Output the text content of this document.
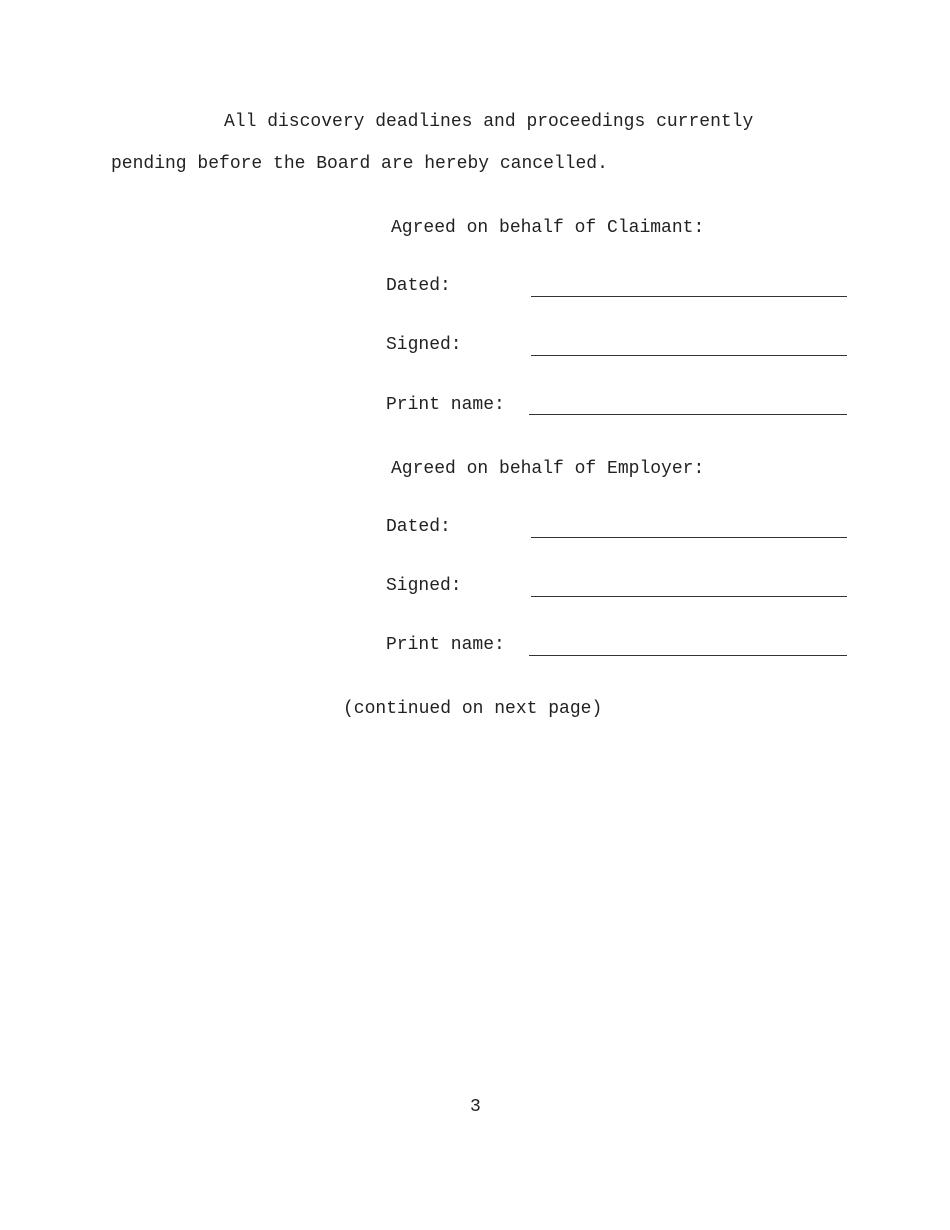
All discovery deadlines and proceedings currently
pending before the Board are hereby cancelled.
Agreed on behalf of Claimant:
Dated:
Signed:
Print name:
Agreed on behalf of Employer:
Dated:
Signed:
Print name:
(continued on next page)
3
